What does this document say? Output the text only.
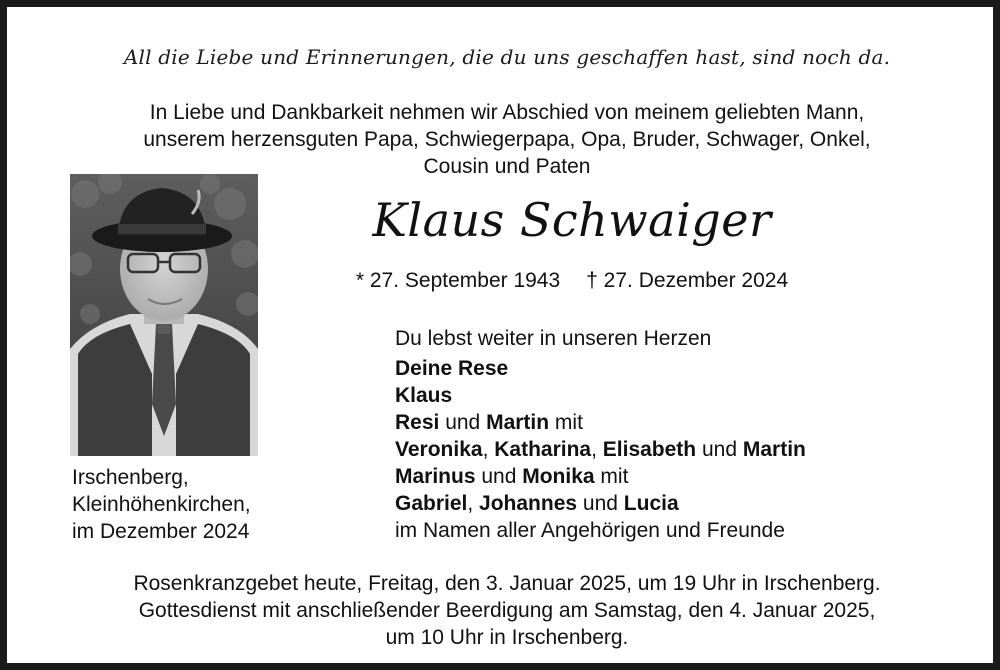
All die Liebe und Erinnerungen, die du uns geschaffen hast, sind noch da.
In Liebe und Dankbarkeit nehmen wir Abschied von meinem geliebten Mann,
unserem herzensguten Papa, Schwiegerpapa, Opa, Bruder, Schwager, Onkel,
Cousin und Paten
Irschenberg,
Kleinhöhenkirchen,
im Dezember 2024
Klaus Schwaiger
* 27. September 1943 † 27. Dezember 2024
Du lebst weiter in unseren Herzen
Deine Rese
Klaus
Resi und Martin mit
Veronika, Katharina, Elisabeth und Martin
Marinus und Monika mit
Gabriel, Johannes und Lucia
im Namen aller Angehörigen und Freunde
Rosenkranzgebet heute, Freitag, den 3. Januar 2025, um 19 Uhr in Irschenberg.
Gottesdienst mit anschließender Beerdigung am Samstag, den 4. Januar 2025,
um 10 Uhr in Irschenberg.
